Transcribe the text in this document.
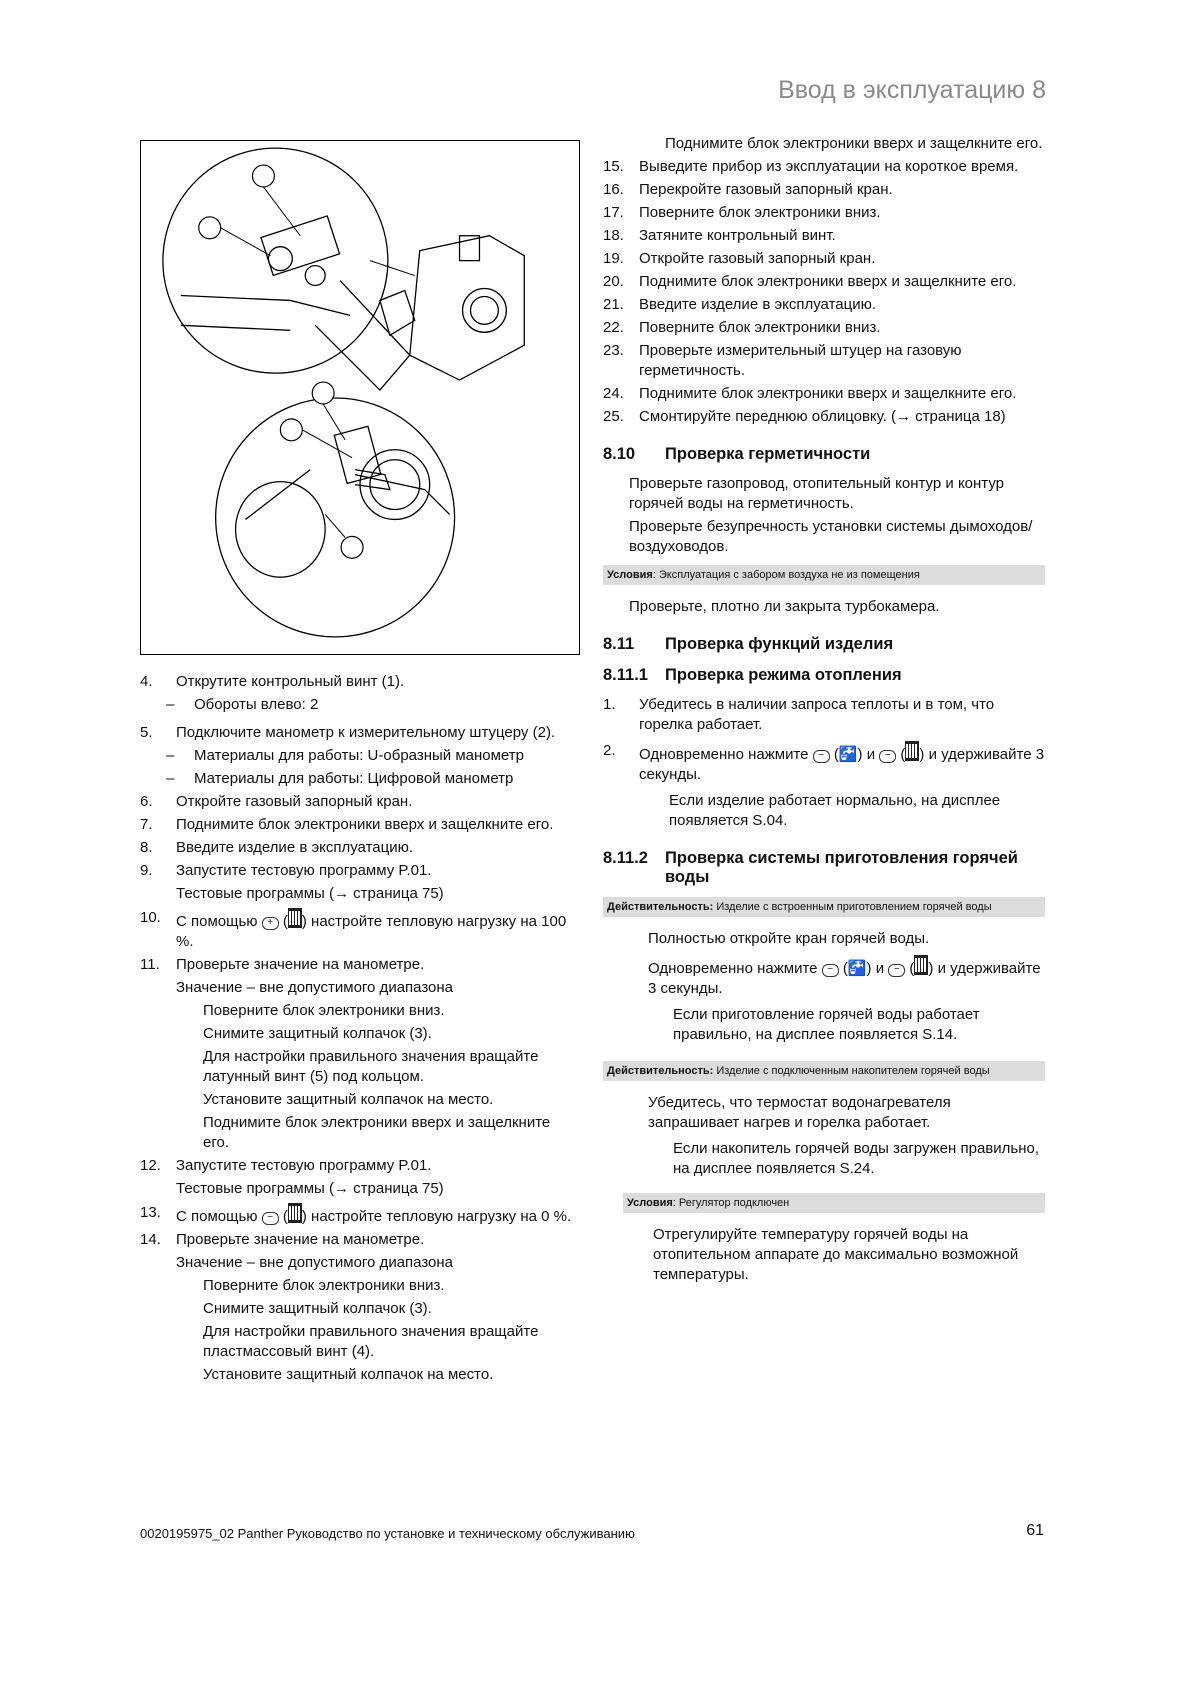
Ввод в эксплуатацию 8
4.	Открутите контрольный винт (1).
–	Обороты влево: 2
5.	Подключите манометр к измерительному штуцеру (2).
–	Материалы для работы: U-образный манометр
–	Материалы для работы: Цифровой манометр
6.	Откройте газовый запорный кран.
7.	Поднимите блок электроники вверх и защелкните его.
8.	Введите изделие в эксплуатацию.
9.	Запустите тестовую программу P.01.

Тестовые программы (→ страница 75)

10.	С помощью + ( ) настройте тепловую нагрузку на 100 %.
11.	Проверьте значение на манометре.

Значение – вне допустимого диапазона

Поверните блок электроники вниз.

Снимите защитный колпачок (3).

Для настройки правильного значения вращайте латунный винт (5) под кольцом.

Установите защитный колпачок на место.

Поднимите блок электроники вверх и защелкните его.

12.	Запустите тестовую программу P.01.

Тестовые программы (→ страница 75)

13.	С помощью − ( ) настройте тепловую нагрузку на 0 %.
14.	Проверьте значение на манометре.

Значение – вне допустимого диапазона

Поверните блок электроники вниз.

Снимите защитный колпачок (3).

Для настройки правильного значения вращайте пластмассовый винт (4).

Установите защитный колпачок на место.

Поднимите блок электроники вверх и защелкните его.

15.	Выведите прибор из эксплуатации на короткое время.
16.	Перекройте газовый запорный кран.
17.	Поверните блок электроники вниз.
18.	Затяните контрольный винт.
19.	Откройте газовый запорный кран.
20.	Поднимите блок электроники вверх и защелкните его.
21.	Введите изделие в эксплуатацию.
22.	Поверните блок электроники вниз.
23.	Проверьте измерительный штуцер на газовую герметичность.
24.	Поднимите блок электроники вверх и защелкните его.
25.	Смонтируйте переднюю облицовку. (→ страница 18)
8.10	Проверка герметичности

Проверьте газопровод, отопительный контур и контур горячей воды на герметичность.

Проверьте безупречность установки системы дымоходов/воздуховодов.

Условия: Эксплуатация с забором воздуха не из помещения

Проверьте, плотно ли закрыта турбокамера.

8.11	Проверка функций изделия
8.11.1	Проверка режима отопления
1.	Убедитесь в наличии запроса теплоты и в том, что горелка работает.
2.	Одновременно нажмите − (🚰) и − ( ) и удерживайте 3 секунды.

Если изделие работает нормально, на дисплее появляется S.04.

8.11.2	Проверка системы приготовления горячей воды
Действительность: Изделие с встроенным приготовлением горячей воды

Полностью откройте кран горячей воды.

Одновременно нажмите − (🚰) и − ( ) и удерживайте 3 секунды.

Если приготовление горячей воды работает правильно, на дисплее появляется S.14.

Действительность: Изделие с подключенным накопителем горячей воды

Убедитесь, что термостат водонагревателя запрашивает нагрев и горелка работает.

Если накопитель горячей воды загружен правильно, на дисплее появляется S.24.

Условия: Регулятор подключен

Отрегулируйте температуру горячей воды на отопительном аппарате до максимально возможной температуры.

0020195975_02 Panther Руководство по установке и техническому обслуживанию	61
